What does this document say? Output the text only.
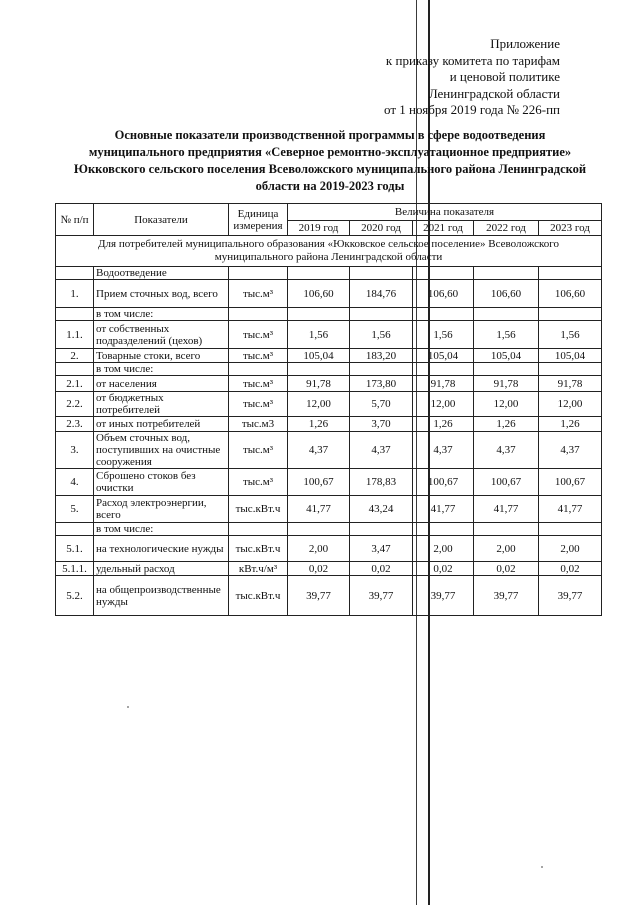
Приложение
к приказу комитета по тарифам
и ценовой политике
Ленинградской области
от 1 ноября 2019 года № 226-пп
Основные показатели производственной программы в сфере водоотведения
муниципального предприятия «Северное ремонтно-эксплуатационное предприятие»
Юкковского сельского поселения Всеволожского муниципального района Ленинградской
области на 2019-2023 годы
№ п/п	Показатели	Единица измерения	Величина показателя				
			2019 год	2020 год	2021 год	2022 год	2023 год
Для потребителей муниципального образования «Юкковское сельское поселение» Всеволожского муниципального района Ленинградской области							
	Водоотведение						
1.	Прием сточных вод, всего	тыс.м³	106,60	184,76	106,60	106,60	106,60
	в том числе:						
1.1.	от собственных подразделений (цехов)	тыс.м³	1,56	1,56	1,56	1,56	1,56
2.	Товарные стоки, всего	тыс.м³	105,04	183,20	105,04	105,04	105,04
	в том числе:						
2.1.	от населения	тыс.м³	91,78	173,80	91,78	91,78	91,78
2.2.	от бюджетных потребителей	тыс.м³	12,00	5,70	12,00	12,00	12,00
2.3.	от иных потребителей	тыс.м3	1,26	3,70	1,26	1,26	1,26
3.	Объем сточных вод, поступивших на очистные сооружения	тыс.м³	4,37	4,37	4,37	4,37	4,37
4.	Сброшено стоков без очистки	тыс.м³	100,67	178,83	100,67	100,67	100,67
5.	Расход электроэнергии, всего	тыс.кВт.ч	41,77	43,24	41,77	41,77	41,77
	в том числе:						
5.1.	на технологические нужды	тыс.кВт.ч	2,00	3,47	2,00	2,00	2,00
5.1.1.	удельный расход	кВт.ч/м³	0,02	0,02	0,02	0,02	0,02
5.2.	на общепроизводственные нужды	тыс.кВт.ч	39,77	39,77	39,77	39,77	39,77
